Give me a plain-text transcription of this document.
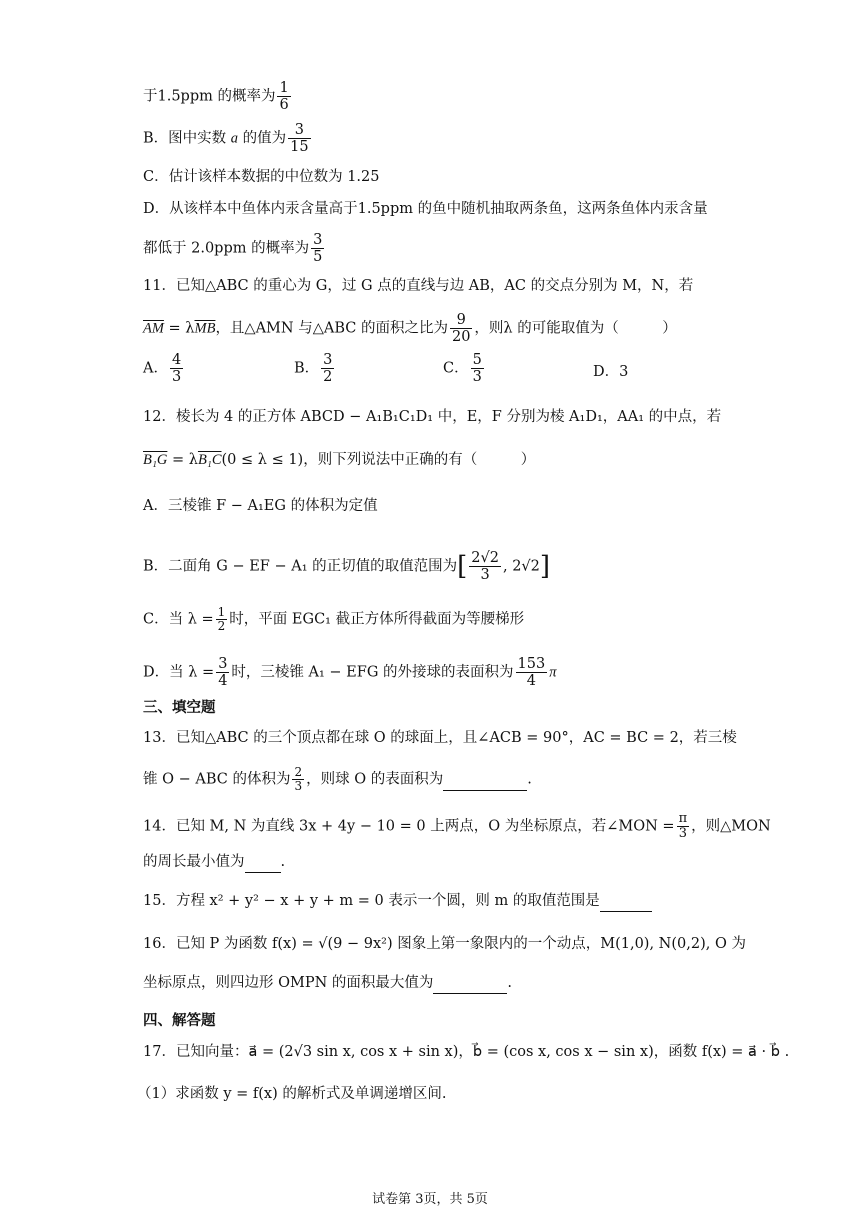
于1.5ppm 的概率为 $\frac{1}{6}$
B．图中实数 a 的值为 $\frac{3}{15}$
C．估计该样本数据的中位数为 1.25
D．从该样本中鱼体内汞含量高于1.5ppm 的鱼中随机抽取两条鱼，这两条鱼体内汞含量
都低于 2.0ppm 的概率为 $\frac{3}{5}$
11．已知△ABC 的重心为 G，过 G 点的直线与边 AB，AC 的交点分别为 M，N，若
$\overline{AM} = \lambda\overline{MB}$，且△AMN 与△ABC 的面积之比为 $\frac{9}{20}$ ，则λ 的可能取值为（　　　）
A． $\frac{4}{3}$	B． $\frac{3}{2}$	C． $\frac{5}{3}$	D．3
12．棱长为 4 的正方体 ABCD − A₁B₁C₁D₁ 中，E，F 分别为棱 A₁D₁，AA₁ 的中点，若
B₁G = λB₁C(0 ≤ λ ≤ 1)，则下列说法中正确的有（　　　）
A．三棱锥 F − A₁EG 的体积为定值
B．二面角 G − EF − A₁ 的正切值的取值范围为[ $\frac{2√2}{3}$ , 2√2]
C．当 $\lambda = \frac{1}{2}$ 时，平面 EGC₁ 截正方体所得截面为等腰梯形
D．当 $\lambda = \frac{3}{4}$ 时，三棱锥 A₁ − EFG 的外接球的表面积为 $\frac{153}{4}$ π
三、填空题
13．已知△ABC 的三个顶点都在球 O 的球面上，且∠ACB = 90°，AC = BC = 2，若三棱
锥 O − ABC 的体积为 $\frac{2}{3}$ ，则球 O 的表面积为	.
14．已知 M, N 为直线 3x + 4y − 10 = 0 上两点，O 为坐标原点，若∠MON = $\frac{\pi}{3}$ ，则△MON
的周长最小值为 .
15．方程 x² + y² − x + y + m = 0 表示一个圆，则 m 的取值范围是
16．已知 P 为函数 f(x) = √(9 − 9x²) 图象上第一象限内的一个动点，M(1,0), N(0,2), O 为
坐标原点，则四边形 OMPN 的面积最大值为	.
四、解答题
17．已知向量：a⃗ = (2√3 sin x, cos x + sin x)，b⃗ = (cos x, cos x − sin x)，函数 f(x) = a⃗ · b⃗ .
（1）求函数 y = f(x) 的解析式及单调递增区间.
试卷第 3页，共 5页
